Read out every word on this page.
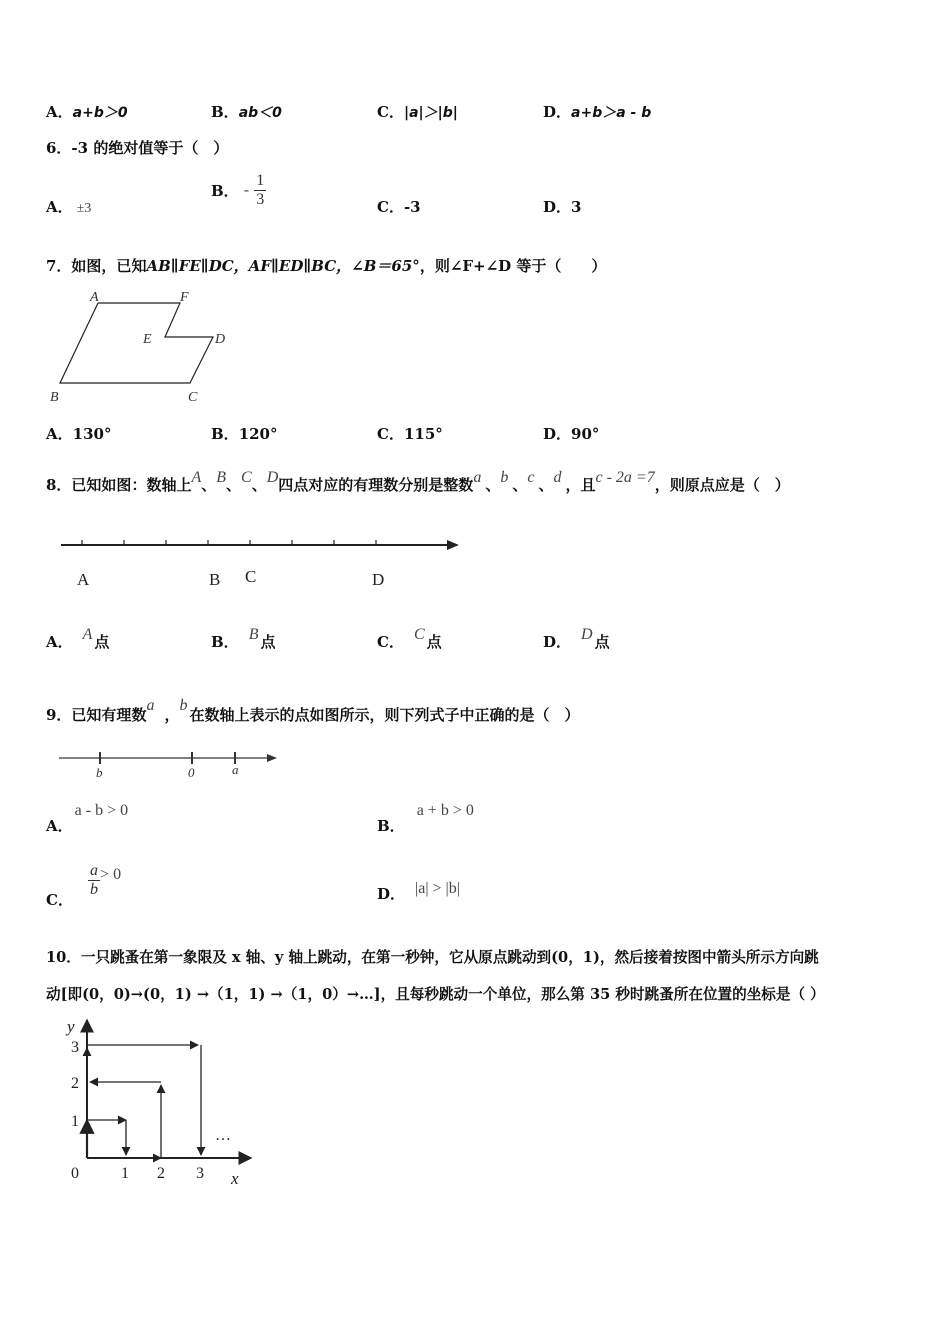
A．a+b＞0	B．ab＜0	C．|a|＞|b|	D．a+b＞a - b
6．-3 的绝对值等于（　）
A． ±3
B． - $\frac{1}{3}$	C．-3	D．3
7．如图，已知AB∥FE∥DC，AF∥ED∥BC，∠B＝65°，则∠F+∠D 等于（　　）
A	F
E	D
B	C
A．130°	B．120°	C．115°	D．90°
8．已知如图：数轴上A、B、C、D四点对应的有理数分别是整数a 、b 、c 、d ，且c - 2a =7，则原点应是（　）
A	B C	D
A． A 点	B． B 点	C． C 点	D． D 点
9．已知有理数a，b在数轴上表示的点如图所示，则下列式子中正确的是（　）
b	0	a
A．a - b > 0
B．a + b > 0
C．
$\frac{a}{b} > 0$
D． |a| > |b|
10．一只跳蚤在第一象限及 x 轴、y 轴上跳动，在第一秒钟，它从原点跳动到(0，1)，然后接着按图中箭头所示方向跳
动[即(0，0)→(0，1) →（1，1) →（1，0）→…]，且每秒跳动一个单位，那么第 35 秒时跳蚤所在位置的坐标是（ ）
y
x
0	1 2 3
1
2
3
…
